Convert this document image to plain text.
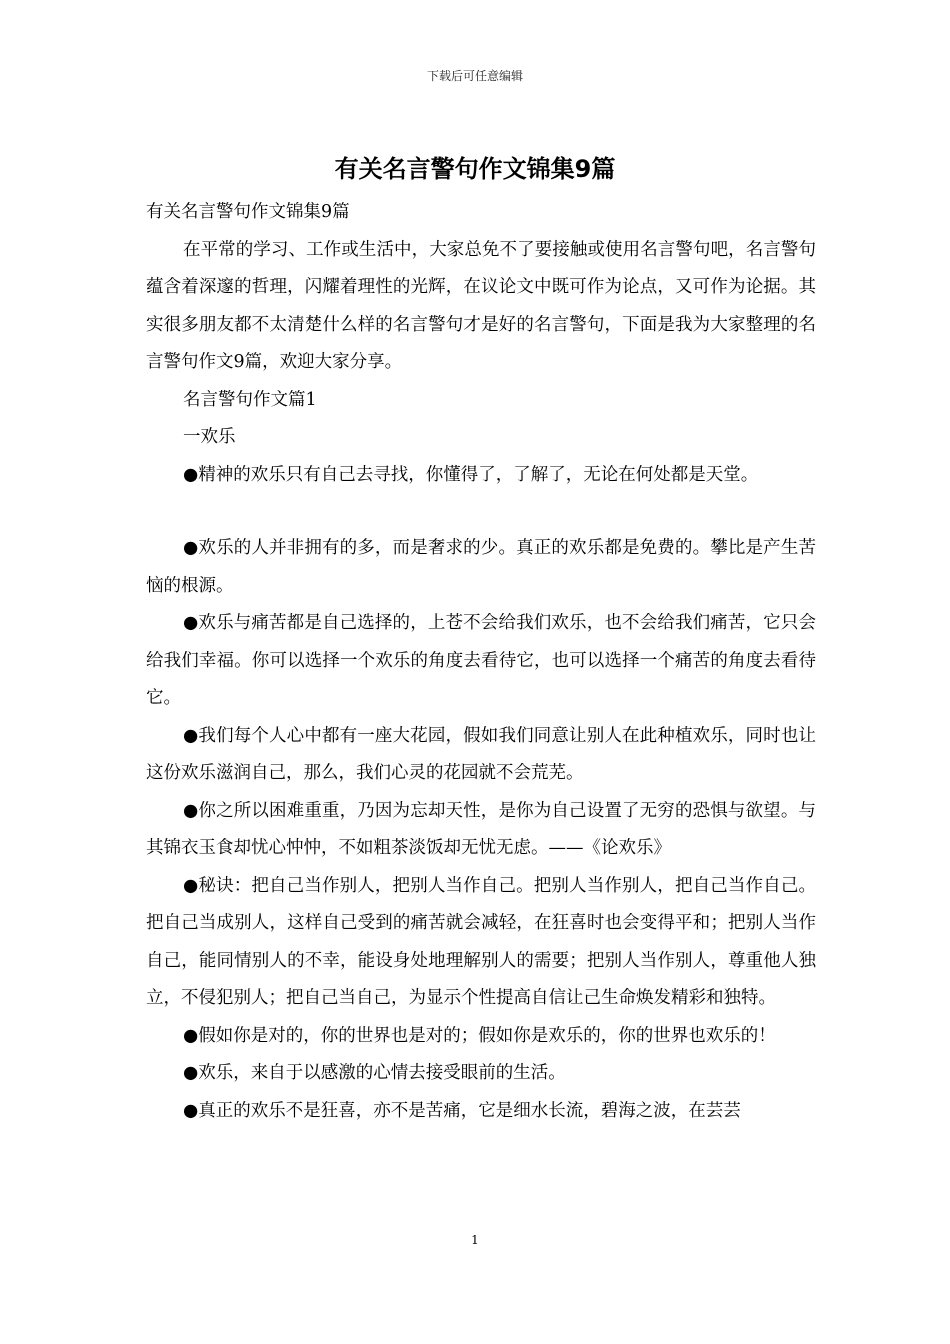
下载后可任意编辑
有关名言警句作文锦集9篇

有关名言警句作文锦集9篇

在平常的学习、工作或生活中，大家总免不了要接触或使用名言警句吧，名言警句蕴含着深邃的哲理，闪耀着理性的光辉，在议论文中既可作为论点，又可作为论据。其实很多朋友都不太清楚什么样的名言警句才是好的名言警句，下面是我为大家整理的名言警句作文9篇，欢迎大家分享。

名言警句作文篇1

一欢乐

●精神的欢乐只有自己去寻找，你懂得了，了解了，无论在何处都是天堂。

●欢乐的人并非拥有的多，而是奢求的少。真正的欢乐都是免费的。攀比是产生苦恼的根源。

●欢乐与痛苦都是自己选择的，上苍不会给我们欢乐，也不会给我们痛苦，它只会给我们幸福。你可以选择一个欢乐的角度去看待它，也可以选择一个痛苦的角度去看待它。

●我们每个人心中都有一座大花园，假如我们同意让别人在此种植欢乐，同时也让这份欢乐滋润自己，那么，我们心灵的花园就不会荒芜。

●你之所以困难重重，乃因为忘却天性，是你为自己设置了无穷的恐惧与欲望。与其锦衣玉食却忧心忡忡，不如粗茶淡饭却无忧无虑。——《论欢乐》

●秘诀：把自己当作别人，把别人当作自己。把别人当作别人，把自己当作自己。把自己当成别人，这样自己受到的痛苦就会减轻，在狂喜时也会变得平和；把别人当作自己，能同情别人的不幸，能设身处地理解别人的需要；把别人当作别人，尊重他人独立，不侵犯别人；把自己当自己，为显示个性提高自信让己生命焕发精彩和独特。

●假如你是对的，你的世界也是对的；假如你是欢乐的，你的世界也欢乐的！

●欢乐，来自于以感激的心情去接受眼前的生活。

●真正的欢乐不是狂喜，亦不是苦痛，它是细水长流，碧海之波，在芸芸

1
